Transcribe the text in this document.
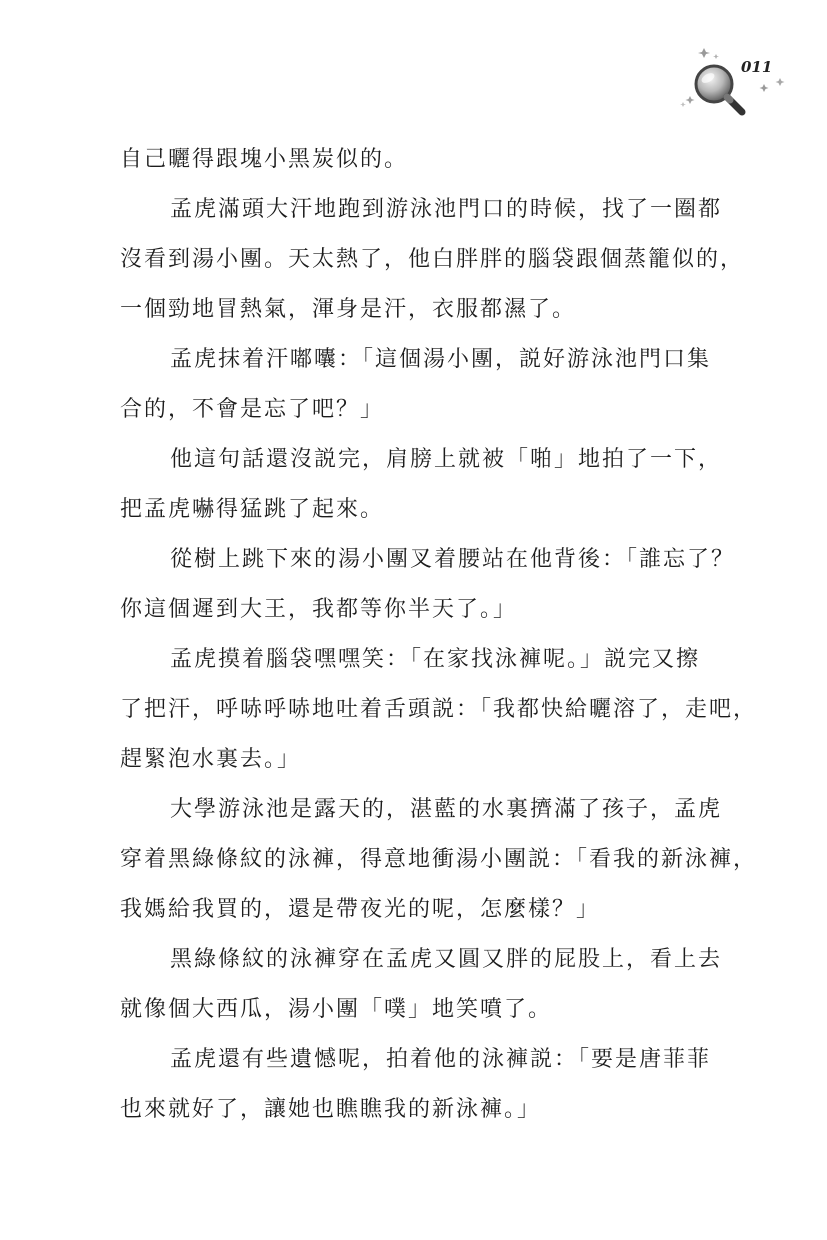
011
自己曬得跟塊小黑炭似的。
孟虎滿頭大汗地跑到游泳池門口的時候，找了一圈都
沒看到湯小團。天太熱了，他白胖胖的腦袋跟個蒸籠似的，
一個勁地冒熱氣，渾身是汗，衣服都濕了。
孟虎抹着汗嘟囔：「這個湯小團，説好游泳池門口集
合的，不會是忘了吧？」
他這句話還沒説完，肩膀上就被「啪」地拍了一下，
把孟虎嚇得猛跳了起來。
從樹上跳下來的湯小團叉着腰站在他背後：「誰忘了？
你這個遲到大王，我都等你半天了。」
孟虎摸着腦袋嘿嘿笑：「在家找泳褲呢。」説完又擦
了把汗，呼哧呼哧地吐着舌頭説：「我都快給曬溶了，走吧，
趕緊泡水裏去。」
大學游泳池是露天的，湛藍的水裏擠滿了孩子，孟虎
穿着黑綠條紋的泳褲，得意地衝湯小團説：「看我的新泳褲，
我媽給我買的，還是帶夜光的呢，怎麼樣？」
黑綠條紋的泳褲穿在孟虎又圓又胖的屁股上，看上去
就像個大西瓜，湯小團「噗」地笑噴了。
孟虎還有些遺憾呢，拍着他的泳褲説：「要是唐菲菲
也來就好了，讓她也瞧瞧我的新泳褲。」
